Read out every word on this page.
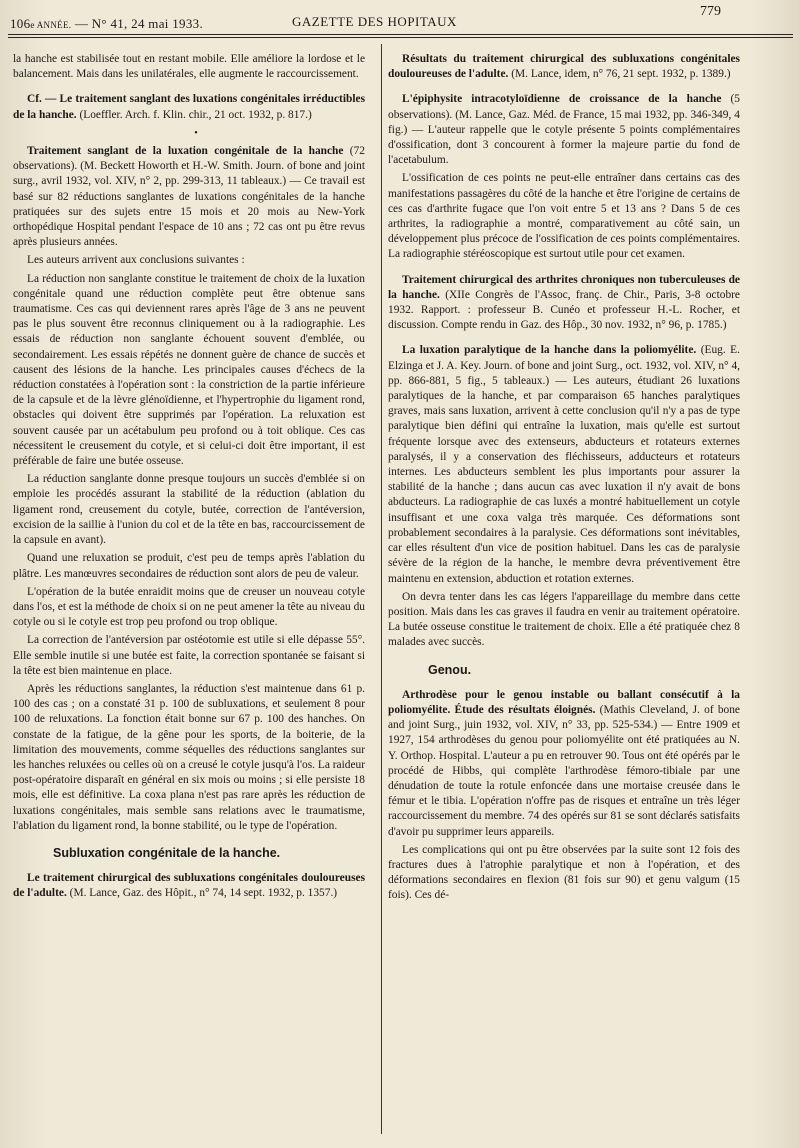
106e ANNÉE. — N° 41, 24 mai 1933.	GAZETTE DES HOPITAUX
779

la hanche est stabilisée tout en restant mobile. Elle améliore la lordose et le balancement. Mais dans les unilatérales, elle augmente le raccourcissement.

Cf. — Le traitement sanglant des luxations congénitales irréductibles de la hanche. (Loeffler. Arch. f. Klin. chir., 21 oct. 1932, p. 817.)

•

Traitement sanglant de la luxation congénitale de la hanche (72 observations). (M. Beckett Howorth et H.-W. Smith. Journ. of bone and joint surg., avril 1932, vol. XIV, n° 2, pp. 299-313, 11 tableaux.) — Ce travail est basé sur 82 réductions sanglantes de luxations congénitales de la hanche pratiquées sur des sujets entre 15 mois et 20 mois au New-York orthopédique Hospital pendant l'espace de 10 ans ; 72 cas ont pu être revus après plusieurs années.

Les auteurs arrivent aux conclusions suivantes :

La réduction non sanglante constitue le traitement de choix de la luxation congénitale quand une réduction complète peut être obtenue sans traumatisme. Ces cas qui deviennent rares après l'âge de 3 ans ne peuvent pas le plus souvent être reconnus cliniquement ou à la radiographie. Les essais de réduction non sanglante échouent souvent d'emblée, ou secondairement. Les essais répétés ne donnent guère de chance de succès et causent des lésions de la hanche. Les principales causes d'échecs de la réduction constatées à l'opération sont : la constriction de la partie inférieure de la capsule et de la lèvre glénoïdienne, et l'hypertrophie du ligament rond, obstacles qui doivent être supprimés par l'opération. La reluxation est souvent causée par un acétabulum peu profond ou à toit oblique. Ces cas nécessitent le creusement du cotyle, et si celui-ci doit être important, il est préférable de faire une butée osseuse.

La réduction sanglante donne presque toujours un succès d'emblée si on emploie les procédés assurant la stabilité de la réduction (ablation du ligament rond, creusement du cotyle, butée, correction de l'antéversion, excision de la saillie à l'union du col et de la tête en bas, raccourcissement de la capsule en avant).

Quand une reluxation se produit, c'est peu de temps après l'ablation du plâtre. Les manœuvres secondaires de réduction sont alors de peu de valeur.

L'opération de la butée enraidit moins que de creuser un nouveau cotyle dans l'os, et est la méthode de choix si on ne peut amener la tête au niveau du cotyle ou si le cotyle est trop peu profond ou trop oblique.

La correction de l'antéversion par ostéotomie est utile si elle dépasse 55°. Elle semble inutile si une butée est faite, la correction spontanée se faisant si la tête est bien maintenue en place.

Après les réductions sanglantes, la réduction s'est maintenue dans 61 p. 100 des cas ; on a constaté 31 p. 100 de subluxations, et seulement 8 pour 100 de reluxations. La fonction était bonne sur 67 p. 100 des hanches. On constate de la fatigue, de la gêne pour les sports, de la boiterie, de la limitation des mouvements, comme séquelles des réductions sanglantes sur les hanches reluxées ou celles où on a creusé le cotyle jusqu'à l'os. La raideur post-opératoire disparaît en général en six mois ou moins ; si elle persiste 18 mois, elle est définitive. La coxa plana n'est pas rare après les réduction de luxations congénitales, mais semble sans relations avec le traumatisme, l'ablation du ligament rond, la bonne stabilité, ou le type de l'opération.

Subluxation congénitale de la hanche.

Le traitement chirurgical des subluxations congénitales douloureuses de l'adulte. (M. Lance, Gaz. des Hôpit., n° 74, 14 sept. 1932, p. 1357.)

Résultats du traitement chirurgical des subluxations congénitales douloureuses de l'adulte. (M. Lance, idem, n° 76, 21 sept. 1932, p. 1389.)

L'épiphysite intracotyloïdienne de croissance de la hanche (5 observations). (M. Lance, Gaz. Méd. de France, 15 mai 1932, pp. 346-349, 4 fig.) — L'auteur rappelle que le cotyle présente 5 points complémentaires d'ossification, dont 3 concourent à former la majeure partie du fond de l'acetabulum.

L'ossification de ces points ne peut-elle entraîner dans certains cas des manifestations passagères du côté de la hanche et être l'origine de certains de ces cas d'arthrite fugace que l'on voit entre 5 et 13 ans ? Dans 5 de ces arthrites, la radiographie a montré, comparativement au côté sain, un développement plus précoce de l'ossification de ces points complémentaires. La radiographie stéréoscopique est surtout utile pour cet examen.

Traitement chirurgical des arthrites chroniques non tuberculeuses de la hanche. (XIIe Congrès de l'Assoc, franç. de Chir., Paris, 3-8 octobre 1932. Rapport. : professeur B. Cunéo et professeur H.-L. Rocher, et discussion. Compte rendu in Gaz. des Hôp., 30 nov. 1932, n° 96, p. 1785.)

La luxation paralytique de la hanche dans la poliomyélite. (Eug. E. Elzinga et J. A. Key. Journ. of bone and joint Surg., oct. 1932, vol. XIV, n° 4, pp. 866-881, 5 fig., 5 tableaux.) — Les auteurs, étudiant 26 luxations paralytiques de la hanche, et par comparaison 65 hanches paralytiques graves, mais sans luxation, arrivent à cette conclusion qu'il n'y a pas de type paralytique bien défini qui entraîne la luxation, mais qu'elle est surtout fréquente lorsque avec des extenseurs, abducteurs et rotateurs externes paralysés, il y a conservation des fléchisseurs, adducteurs et rotateurs internes. Les abducteurs semblent les plus importants pour assurer la stabilité de la hanche ; dans aucun cas avec luxation il n'y avait de bons abducteurs. La radiographie de cas luxés a montré habituellement un cotyle insuffisant et une coxa valga très marquée. Ces déformations sont probablement secondaires à la paralysie. Ces déformations sont inévitables, car elles résultent d'un vice de position habituel. Dans les cas de paralysie sévère de la région de la hanche, le membre devra préventivement être maintenu en extension, abduction et rotation externes.

On devra tenter dans les cas légers l'appareillage du membre dans cette position. Mais dans les cas graves il faudra en venir au traitement opératoire. La butée osseuse constitue le traitement de choix. Elle a été pratiquée chez 8 malades avec succès.

Genou.

Arthrodèse pour le genou instable ou ballant consécutif à la poliomyélite. Étude des résultats éloignés. (Mathis Cleveland, J. of bone and joint Surg., juin 1932, vol. XIV, n° 33, pp. 525-534.) — Entre 1909 et 1927, 154 arthrodèses du genou pour poliomyélite ont été pratiquées au N. Y. Orthop. Hospital. L'auteur a pu en retrouver 90. Tous ont été opérés par le procédé de Hibbs, qui complète l'arthrodèse fémoro-tibiale par une dénudation de toute la rotule enfoncée dans une mortaise creusée dans le fémur et le tibia. L'opération n'offre pas de risques et entraîne un très léger raccourcissement du membre. 74 des opérés sur 81 se sont déclarés satisfaits d'avoir pu supprimer leurs appareils.

Les complications qui ont pu être observées par la suite sont 12 fois des fractures dues à l'atrophie paralytique et non à l'opération, et des déformations secondaires en flexion (81 fois sur 90) et genu valgum (15 fois). Ces dé-
